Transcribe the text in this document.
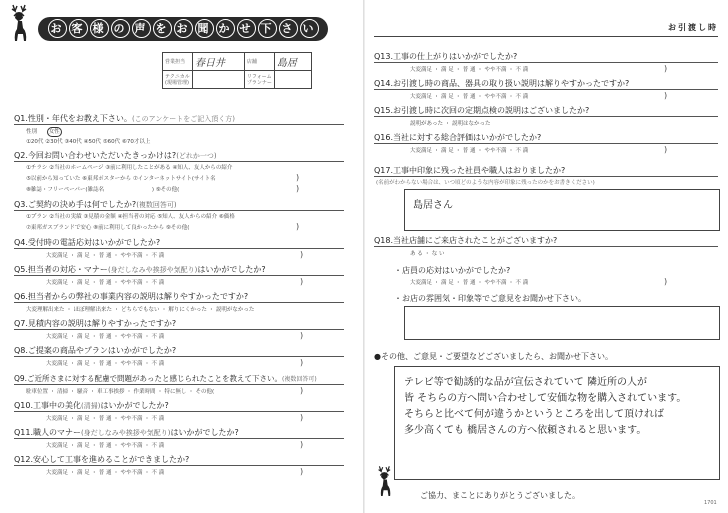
お 客 様 の 声 を お 聞 か せ 下 さ い
営業担当	春日井	店舗	島居
テクニカル
(現場管理)		リフォーム
プランナー	
Q1.性別・年代をお教え下さい。(このアンケートをご記入頂く方)
性別 女性
①20代 ②30代 ③40代 ④50代 ⑤60代 ⑥70才以上
Q2.今回お問い合わせいただいたきっかけは?(どれか一つ)
①チラシ ②当社のホームページ ③前に利用したことがある ④知人、友人からの紹介
⑤以前から知っていた ⑥東邦ポスターから ⑦インターネットサイト(サイト名	)
⑧雑誌・フリーペーパー(雑誌名	) ⑨その他(	)
Q3.ご契約の決め手は何でしたか?(複数回答可)
①プラン ②当社の実績 ③見積の金額 ④担当者の対応 ⑤知人、友人からの紹介 ⑥価格
⑦東邦ガスブランドで安心 ⑧前に利用して良かったから ⑨その他(	)
Q4.受付時の電話応対はいかがでしたか?
大変満足 ・ 満 足 ・ 普 通 ・ やや不満 ・ 不 満	)
Q5.担当者の対応・マナー(身だしなみや挨拶や気配り)はいかがでしたか?
大変満足 ・ 満 足 ・ 普 通 ・ やや不満 ・ 不 満	)
Q6.担当者からの弊社の事業内容の説明は解りやすかったですか?
大変理解出来た ・ ほぼ理解出来た ・ どちらでもない ・ 解りにくかった ・ 説明がなかった
Q7.見積内容の説明は解りやすかったですか?
大変満足 ・ 満 足 ・ 普 通 ・ やや不満 ・ 不 満	)
Q8.ご提案の商品やプランはいかがでしたか?
大変満足 ・ 満 足 ・ 普 通 ・ やや不満 ・ 不 満	)
Q9.ご近所さまに対する配慮で問題があったと感じられたことを教えて下さい。(複数回答可)
駐車位置 ・ 清掃 ・ 騒音 ・ 車工事挨拶 ・ 作業時間 ・ 特に無し ・ その他(	)
Q10.工事中の美化(清掃)はいかがでしたか?
大変満足 ・ 満 足 ・ 普 通 ・ やや不満 ・ 不 満	)
Q11.職人のマナー(身だしなみや挨拶や気配り)はいかがでしたか?
大変満足 ・ 満 足 ・ 普 通 ・ やや不満 ・ 不 満	)
Q12.安心して工事を進めることができましたか?
大変満足 ・ 満 足 ・ 普 通 ・ やや不満 ・ 不 満	)
お引渡し時
Q13.工事の仕上がりはいかがでしたか?
大変満足 ・ 満 足 ・ 普 通 ・ やや不満 ・ 不 満	)
Q14.お引渡し時の商品、器具の取り扱い説明は解りやすかったですか?
大変満足 ・ 満 足 ・ 普 通 ・ やや不満 ・ 不 満	)
Q15.お引渡し時に次回の定期点検の説明はございましたか?
説明があった ・ 説明はなかった
Q16.当社に対する総合評価はいかがでしたか?
大変満足 ・ 満 足 ・ 普 通 ・ やや不満 ・ 不 満	)
Q17.工事中印象に残った社員や職人はおりましたか?
(名前がわからない場合は、いつ頃どのような内容が印象に残ったのかをお書きください)
島居さん
Q18.当社店舗にご来店されたことがございますか?
あ る ・ な い
・店員の応対はいかがでしたか?
大変満足 ・ 満 足 ・ 普 通 ・ やや不満 ・ 不 満	)
・お店の雰囲気・印象等でご意見をお聞かせ下さい。
●その他、ご意見・ご要望などございましたら、お聞かせ下さい。
テレビ等で勧誘的な品が宣伝されていて 隣近所の人が
皆 そちらの方へ問い合わせして安価な物を購入されています。
そちらと比べて何が違うかというところを出して頂ければ
多少高くても 橋居さんの方へ依頼されると思います。
ご協力、まことにありがとうございました。
1701
